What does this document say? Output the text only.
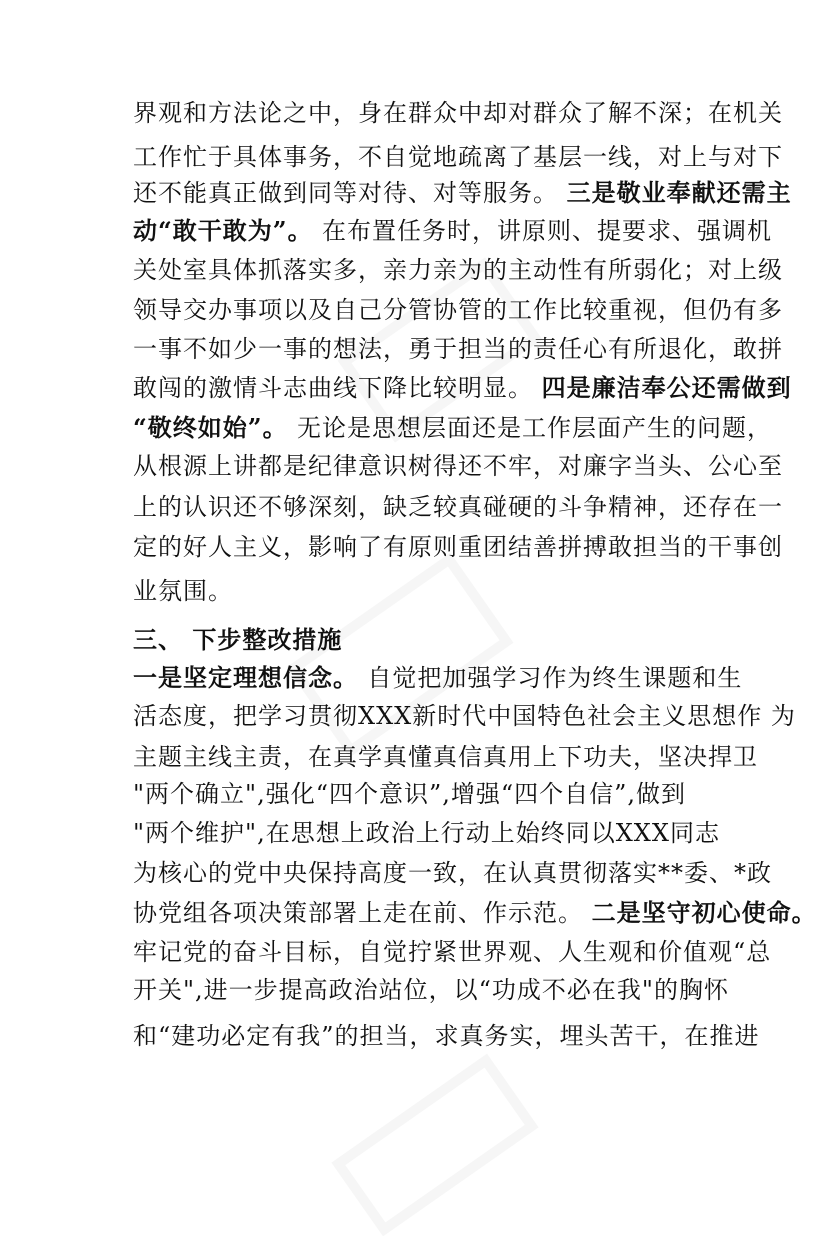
界观和方法论之中，身在群众中却对群众了解不深；在机关
工作忙于具体事务，不自觉地疏离了基层一线，对上与对下
还不能真正做到同等对待、对等服务。 三是敬业奉献还需主
动“敢干敢为”。 在布置任务时，讲原则、提要求、强调机
关处室具体抓落实多，亲力亲为的主动性有所弱化；对上级
领导交办事项以及自己分管协管的工作比较重视，但仍有多
一事不如少一事的想法，勇于担当的责任心有所退化，敢拼
敢闯的激情斗志曲线下降比较明显。 四是廉洁奉公还需做到
“敬终如始”。 无论是思想层面还是工作层面产生的问题，
从根源上讲都是纪律意识树得还不牢，对廉字当头、公心至
上的认识还不够深刻，缺乏较真碰硬的斗争精神，还存在一
定的好人主义，影响了有原则重团结善拼搏敢担当的干事创
业氛围。
三、 下步整改措施
一是坚定理想信念。 自觉把加强学习作为终生课题和生
活态度，把学习贯彻XXX新时代中国特色社会主义思想作 为
主题主线主责，在真学真懂真信真用上下功夫，坚决捍卫
"两个确立",强化“四个意识”,增强“四个自信”,做到
"两个维护",在思想上政治上行动上始终同以XXX同志
为核心的党中央保持高度一致，在认真贯彻落实**委、*政
协党组各项决策部署上走在前、作示范。 二是坚守初心使命。
牢记党的奋斗目标，自觉拧紧世界观、人生观和价值观“总
开关",进一步提高政治站位，以“功成不必在我"的胸怀
和“建功必定有我”的担当，求真务实，埋头苦干，在推进
